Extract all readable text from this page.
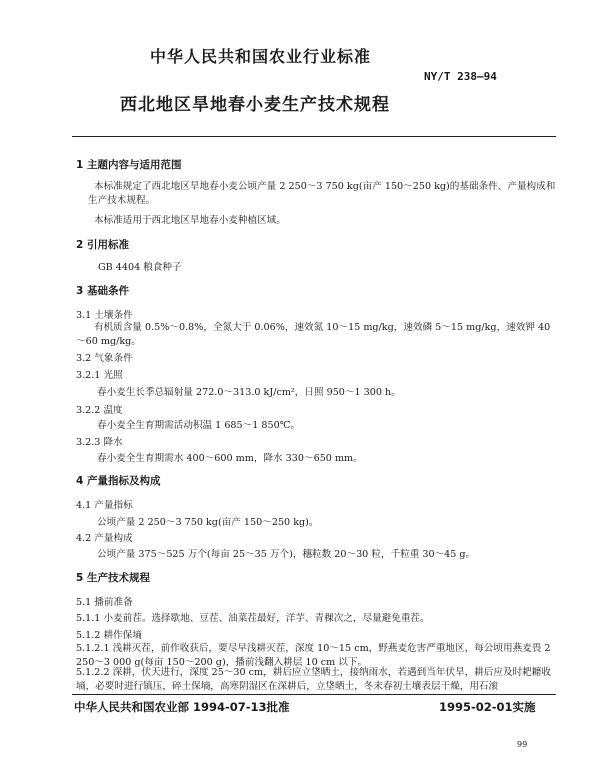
中华人民共和国农业行业标准
NY/T 238—94
西北地区旱地春小麦生产技术规程
1 主题内容与适用范围
本标准规定了西北地区旱地春小麦公顷产量 2 250～3 750 kg(亩产 150～250 kg)的基础条件、产量构成和生产技术规程。
本标准适用于西北地区旱地春小麦种植区域。
2 引用标准
GB 4404 粮食种子
3 基础条件
3.1 土壤条件
有机质含量 0.5%～0.8%，全氮大于 0.06%，速效氮 10～15 mg/kg，速效磷 5～15 mg/kg，速效钾 40～60 mg/kg。
3.2 气象条件
3.2.1 光照
春小麦生长季总辐射量 272.0～313.0 kJ/cm²，日照 950～1 300 h。
3.2.2 温度
春小麦全生育期需活动积温 1 685～1 850℃。
3.2.3 降水
春小麦全生育期需水 400～600 mm，降水 330～650 mm。
4 产量指标及构成
4.1 产量指标
公顷产量 2 250～3 750 kg(亩产 150～250 kg)。
4.2 产量构成
公顷产量 375～525 万个(每亩 25～35 万个)，穗粒数 20～30 粒，千粒重 30～45 g。
5 生产技术规程
5.1 播前准备
5.1.1 小麦前茬。选择歇地、豆茬、油菜茬最好，洋芋、青稞次之，尽量避免重茬。
5.1.2 耕作保墒
5.1.2.1 浅耕灭茬，前作收获后，要尽早浅耕灭茬，深度 10～15 cm，野燕麦危害严重地区，每公顷用燕麦畏 2 250～3 000 g(每亩 150～200 g)，播前浅翻入耕层 10 cm 以下。
5.1.2.2 深耕，伏天进行，深度 25～30 cm，耕后应立垡晒土，接纳雨水，若遇到当年伏旱，耕后应及时耙耱收墒，必要时进行镇压，碎土保墒，高寒阴湿区在深耕后，立垡晒土，冬末春初土壤表层干燥，用石滚
中华人民共和国农业部 1994-07-13批准	1995-02-01实施
99
